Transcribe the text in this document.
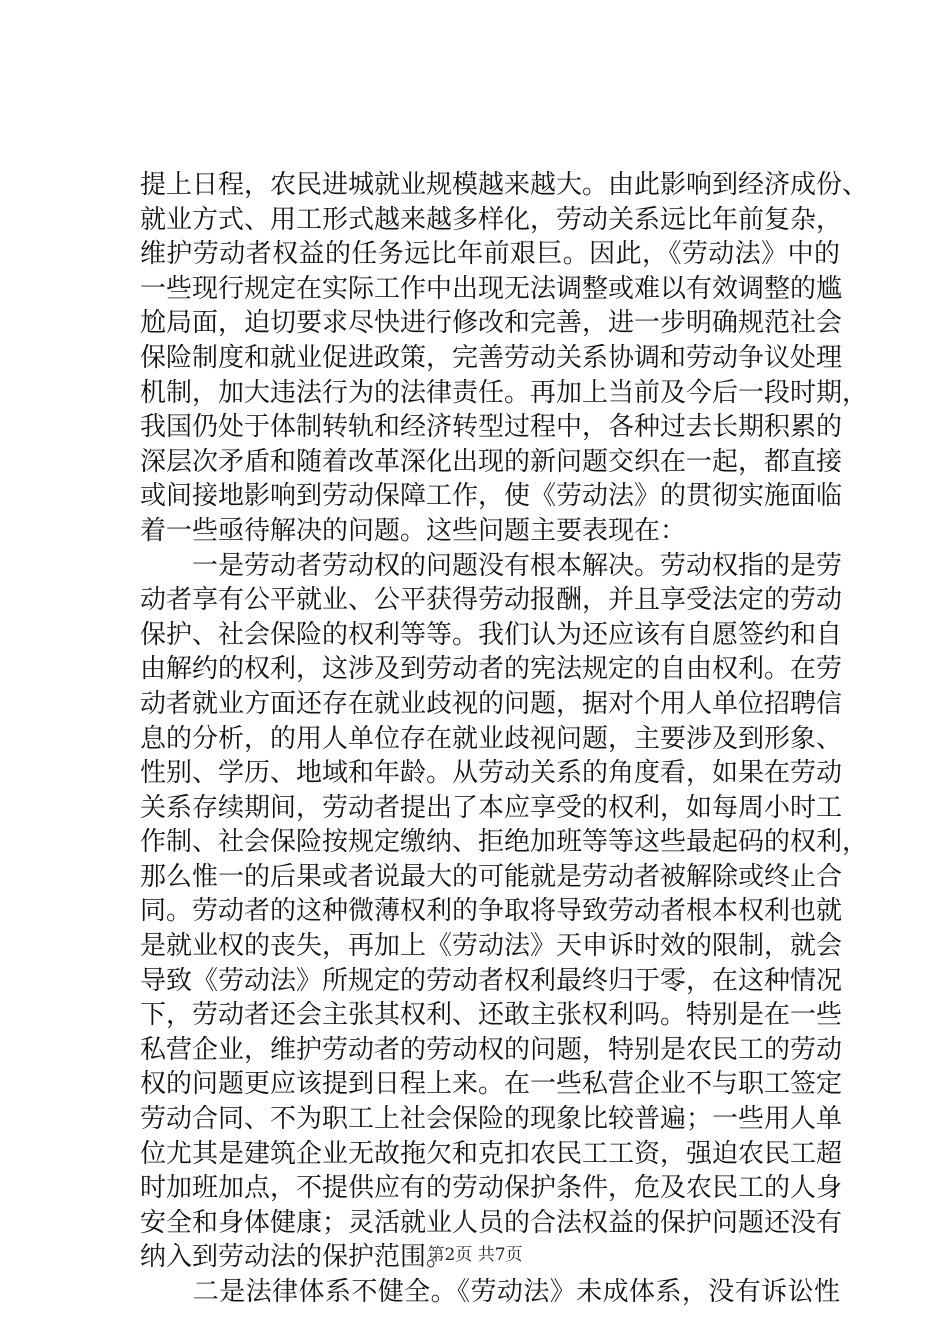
提上日程，农民进城就业规模越来越大。由此影响到经济成份、
就业方式、用工形式越来越多样化，劳动关系远比年前复杂，
维护劳动者权益的任务远比年前艰巨。因此，《劳动法》中的
一些现行规定在实际工作中出现无法调整或难以有效调整的尴
尬局面，迫切要求尽快进行修改和完善，进一步明确规范社会
保险制度和就业促进政策，完善劳动关系协调和劳动争议处理
机制，加大违法行为的法律责任。再加上当前及今后一段时期，
我国仍处于体制转轨和经济转型过程中，各种过去长期积累的
深层次矛盾和随着改革深化出现的新问题交织在一起，都直接
或间接地影响到劳动保障工作，使《劳动法》的贯彻实施面临
着一些亟待解决的问题。这些问题主要表现在：
　　一是劳动者劳动权的问题没有根本解决。劳动权指的是劳
动者享有公平就业、公平获得劳动报酬，并且享受法定的劳动
保护、社会保险的权利等等。我们认为还应该有自愿签约和自
由解约的权利，这涉及到劳动者的宪法规定的自由权利。在劳
动者就业方面还存在就业歧视的问题，据对个用人单位招聘信
息的分析，的用人单位存在就业歧视问题，主要涉及到形象、
性别、学历、地域和年龄。从劳动关系的角度看，如果在劳动
关系存续期间，劳动者提出了本应享受的权利，如每周小时工
作制、社会保险按规定缴纳、拒绝加班等等这些最起码的权利，
那么惟一的后果或者说最大的可能就是劳动者被解除或终止合
同。劳动者的这种微薄权利的争取将导致劳动者根本权利也就
是就业权的丧失，再加上《劳动法》天申诉时效的限制，就会
导致《劳动法》所规定的劳动者权利最终归于零，在这种情况
下，劳动者还会主张其权利、还敢主张权利吗。特别是在一些
私营企业，维护劳动者的劳动权的问题，特别是农民工的劳动
权的问题更应该提到日程上来。在一些私营企业不与职工签定
劳动合同、不为职工上社会保险的现象比较普遍；一些用人单
位尤其是建筑企业无故拖欠和克扣农民工工资，强迫农民工超
时加班加点，不提供应有的劳动保护条件，危及农民工的人身
安全和身体健康；灵活就业人员的合法权益的保护问题还没有
纳入到劳动法的保护范围。
　　二是法律体系不健全。《劳动法》未成体系，没有诉讼性
第2页 共7页
